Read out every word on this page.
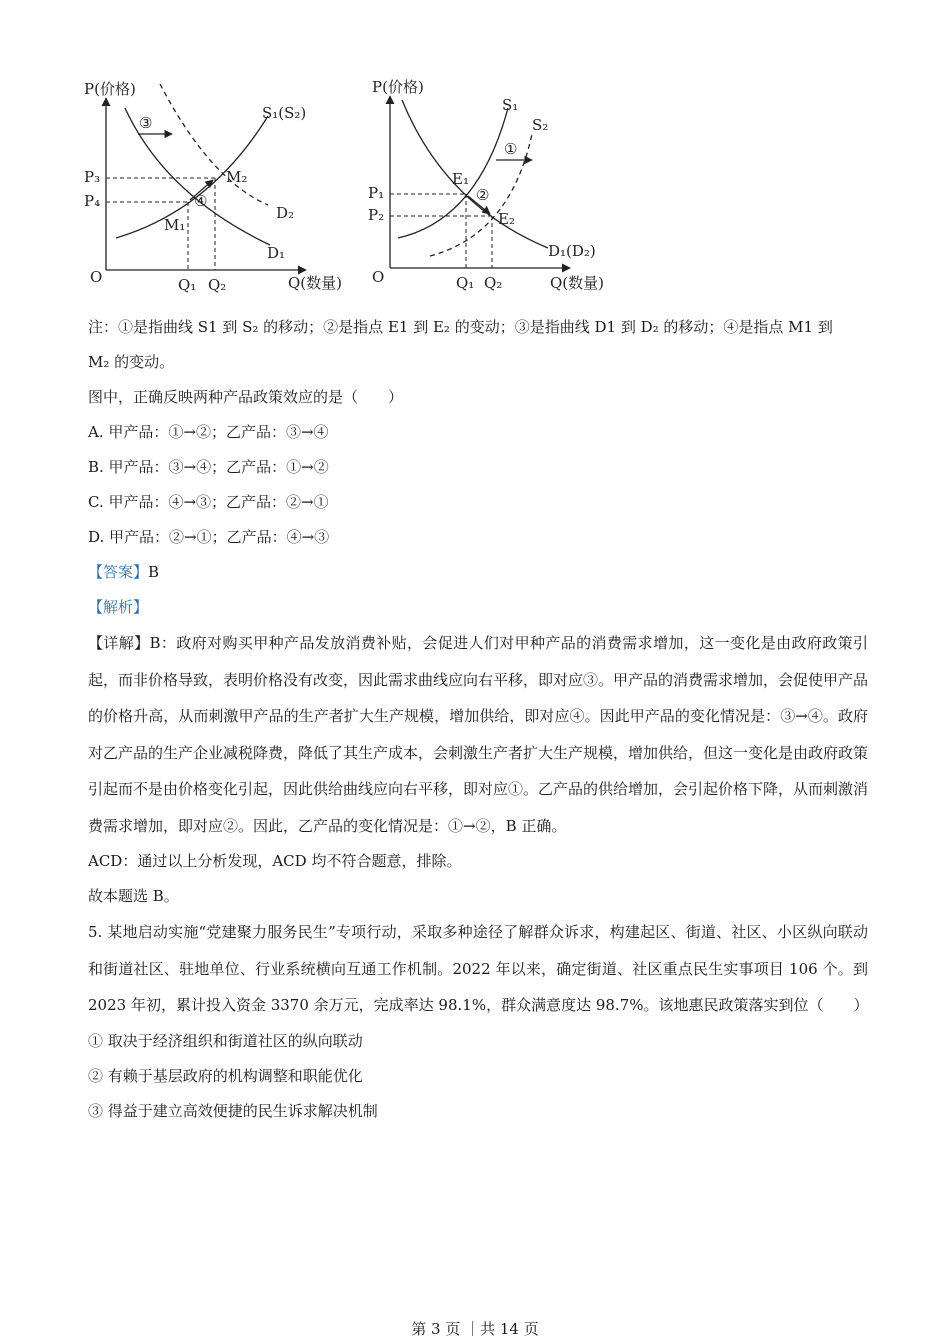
P(价格)
Q(数量)
O
③
④
P₃
P₄
Q₁ Q₂
M₁
M₂
S₁(S₂)
D₁
D₂
P(价格)
Q(数量)
O
①
②
P₁
P₂
Q₁ Q₂
E₁
E₂
S₁
S₂
D₁(D₂)
注：①是指曲线 S1 到 S₂ 的移动；②是指点 E1 到 E₂ 的变动；③是指曲线 D1 到 D₂ 的移动；④是指点 M1 到
M₂ 的变动。
图中，正确反映两种产品政策效应的是（　　）
A. 甲产品：①→②；乙产品：③→④
B. 甲产品：③→④；乙产品：①→②
C. 甲产品：④→③；乙产品：②→①
D. 甲产品：②→①；乙产品：④→③
【答案】B
【解析】
【详解】B：政府对购买甲种产品发放消费补贴，会促进人们对甲种产品的消费需求增加，这一变化是由政府政策引起，而非价格导致，表明价格没有改变，因此需求曲线应向右平移，即对应③。甲产品的消费需求增加，会促使甲产品的价格升高，从而刺激甲产品的生产者扩大生产规模，增加供给，即对应④。因此甲产品的变化情况是：③→④。政府对乙产品的生产企业减税降费，降低了其生产成本，会刺激生产者扩大生产规模，增加供给，但这一变化是由政府政策引起而不是由价格变化引起，因此供给曲线应向右平移，即对应①。乙产品的供给增加，会引起价格下降，从而刺激消费需求增加，即对应②。因此，乙产品的变化情况是：①→②，B 正确。
ACD：通过以上分析发现，ACD 均不符合题意，排除。
故本题选 B。
5. 某地启动实施“党建聚力服务民生”专项行动，采取多种途径了解群众诉求，构建起区、街道、社区、小区纵向联动和街道社区、驻地单位、行业系统横向互通工作机制。2022 年以来，确定街道、社区重点民生实事项目 106 个。到 2023 年初，累计投入资金 3370 余万元，完成率达 98.1%，群众满意度达 98.7%。该地惠民政策落实到位（　　）
① 取决于经济组织和街道社区的纵向联动
② 有赖于基层政府的机构调整和职能优化
③ 得益于建立高效便捷的民生诉求解决机制
第 3 页 ｜共 14 页
